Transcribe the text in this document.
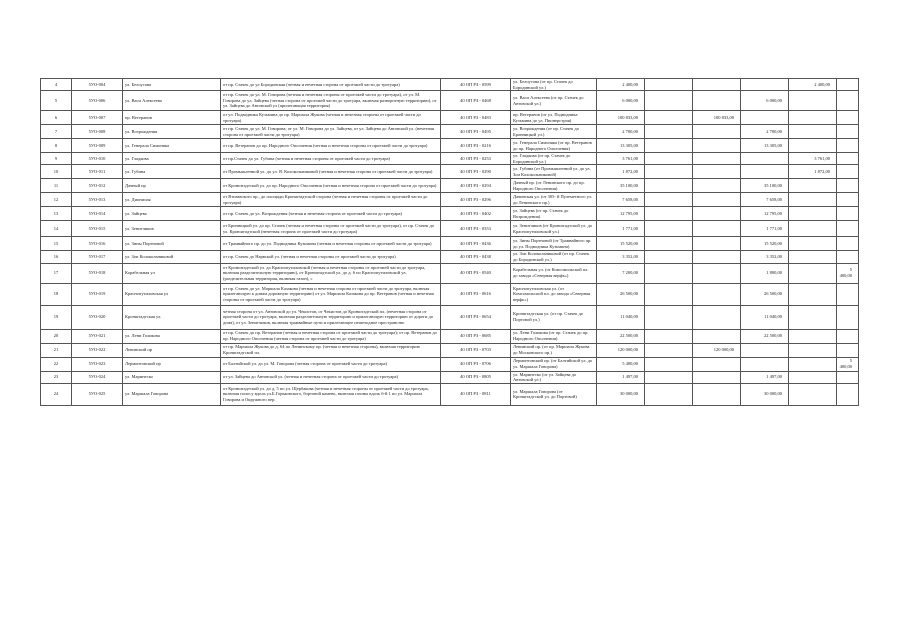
4	5УО-004	ул. Белоусова	от пр. Стачек до ул Бородинская (четная и нечетная сторона от проезжей части до тротуара)	40 ОП РЗ - 0599	ул. Белоусова (от пр. Стачек до Бородинской ул.)	2 400,00				2 400,00	
5	5УО-006	ул. Васи Алексеева	от пр. Стачек до ул. М. Говорова (четная и нечетная стороны от проезжей части до тротуара), от ул. М. Говорова до ул. Зайцева (четная сторона от проезжей части до тротуара, включая разворотную территорию), от ул. Зайцева до Автовской ул (прилегающая территория)	40 ОП РЗ - 0468	ул. Васи Алексеева (от пр. Стачек до Автовской ул.)	6 000,00			6 000,00		
6	5УО-007	пр. Ветеранов	от ул. Подводника Кузьмина до пр. Маршала Жукова (четная и нечетная стороны от проезжей части до тротуара)	40 ОП РЗ - 0483	пр. Ветеранов (от ул. Подводника Кузьмина до ул. Пионерстроя)	100 833,00		100 833,00			
7	5УО-008	ул. Возрождения	от пр. Стачек до ул. М. Говорова; от ул. М. Говорова до ул. Зайцева, от ул. Зайцева до Автовской ул. (нечетная сторона от проезжей части до тротуара)	40 ОП РЗ - 0495	ул. Возрождения (от пр. Стачек до Бронницкой ул.)	2 700,00			2 700,00		
8	5УО-009	ул. Генерала Симоняка	от пр. Ветеранов до пр. Народного Ополчения (четная и нечетная стороны от проезжей части до тротуара)	40 ОП РЗ - 0216	ул. Генерала Симоняка (от пр. Ветеранов до пр. Народного Ополчения)	13 305,00			13 305,00		
9	5УО-010	ул. Гладкова	от пр.Стачек до ул. Губина (четная и нечетная стороны от проезжей части до тротуара)	40 ОП РЗ - 0253	ул. Гладкова (от пр. Стачек до Бородинской ул.)	3 761,00				3 761,00	
10	5УО-011	ул. Губина	от Промышленной ул. до ул. Я. Колокольниковой (четная и нечетная сторона от проезжей части до тротуара)	40 ОП РЗ - 0290	ул. Губина (от Промышленной ул. до ул. Зои Колокольниковой)	1 872,00				1 872,00	
11	5УО-012	Дачный пр	от Кронштадтской ул. до пр. Народного Ополчения (четная и нечетная сторона от проезжей части до тротуара)	40 ОП РЗ - 0294	Дачный пр. (от Ленинского пр. до пр. Народного Ополчения)	35 100,00			35 100,00		
12	5УО-013	ул. Дионисия	от Втизавского пр., до площади Кронштадтской сторона (четная и нечетная стороны от проезжей части до тротуара)	40 ОП РЗ - 0296	Дачинская ул. (от 305- й Пулеметного ул. до Ленинского пр.)	7 658,00			7 658,00		
13	5УО-014	ул. Зайцева	от пр. Стачек до ул. Возрождения (четная и нечетная сторона от проезжей части до тротуара)	40 ОП РЗ - 0402	ул. Зайцева (от пр. Стачек до Возрождения)	12 795,00			12 795,00		
14	5УО-015	ул. Зенитчиков	от Бронницкой ул. до пр. Стачек (четная и нечетная стороны от проезжей части до тротуара), от пр. Стачек до ул. Кронштадтской (нечетная сторона от проезжей части до тротуара)	40 ОП РЗ - 0353	ул. Зенитчиков (от Кронштадтской ул. до Краснопутиловской ул.)	1 771,00			1 771,00		
15	5УО-016	ул. Зины Портновой	от Трамвайного пр. до ул. Подводника Кузьмина (четная и нечетная стороны от проезжей части до тротуара)	40 ОП РЗ - 0436	ул. Зины Портновой (от Трамвайного пр. до ул. Подводника Кузьмина)	15 520,00			15 520,00		
16	5УО-017	ул. Зои Колокольниковой	от пр. Стачек до Нарвской ул. (четная и нечетная стороны от проезжей части до тротуара)	40 ОП РЗ - 0438	ул. Зои Колокольниковой (от пр. Стачек до Бородинской ул.)	3 352,00			3 352,00		
17	5УО-018	Корабельная ул	от Кронштадтской ул. до Краснопутиловской (четная и нечетная стороны от проезжей части до тротуара, включая разделительную территорию), от Кронштадтской ул. до д. 6 по Краснопутиловской ул. (разделительная территория, включая газон), с	40 ОП РЗ - 0540	Корабельная ул. (от Комсомольской пл. до завода «Северная верфь»)	7 200,00			1 800,00		5 400,00
18	5УО-019	Краснопутиловская ул	от пр. Стачек до ул. Маршала Казакова (четная и нечетная сторона от проезжей части до тротуара, включая прилегающую к домам дорожную территорию) от ул. Маршала Казакова до пр. Ветеранов (четная и нечетная стороны от проезжей части до тротуара)	40 ОП РЗ - 0616	Краснопутиловская ул. (от Комсомольской пл. до завода «Северная верфь»)	26 500,00			26 500,00		
19	5УО-020	Кронштадтская ул.	четная сторона от ул. Автовской до ул. Чекистов, от Чекистов до Кронштадтской пл. (нечетная сторона от проезжей части до тротуара, включая разделительную территорию и прилегающую территорию от дороги до дома), от ул. Зенитчиков, включая трамвайные пути и прилегающее пешеходное пространство	40 ОП РЗ - 0654	Кронштадтская ул. (от пр. Стачек до Портовой ул.)	11 040,00			11 040,00		
20	5УО-021	ул. Лени Голикова	от пр. Стачек до пр. Ветеранов (четная и нечетная сторона от проезжей части до тротуара); от пр. Ветеранов до пр. Народного Ополчения (четная сторона от проезжей части до тротуара)	40 ОП РЗ - 0685	ул. Лени Голикова (от пр. Стачек до пр. Народного Ополчения)	22 500,00			22 500,00		
21	5УО-022	Ленинский пр	от пр. Маршала Жукова до д. 64 по Ленинскому пр. (четная и нечетная стороны), включая территорию Кронштадтской пл.	40 ОП РЗ - 0703	Ленинский пр. (от пр. Маршала Жукова до Московского пр.)	120 000,00		120 000,00			
22	5УО-023	Лермонтовский пр	от Балтийской ул. до ул. М. Говорова (четная сторона от проезжей части до тротуара)	40 ОП РЗ - 0706	Лермонтовский пр. (от Балтийской ул. до ул. Маршала Говорова)	5 400,00					5 400,00
23	5УО-024	ул. Маринеско	от ул. Зайцева до Автовской ул. (четная и нечетная сторона от проезжей части до тротуара)	40 ОП РЗ - 0805	ул. Маринеско (от ул. Зайцева до Автовской ул.)	1 497,00			1 497,00		
24	5УО-025	ул. Маршала Говорова	от Кронштадтской ул. до д. 5 по ул. Щербакова (четная и нечетная стороны от проезжей части до тротуара, включая полосу вдоль ул.Б.Горьковского, бортовой камень, включая газоны вдоль б-й 1 по ул. Маршала Говорова и Окружного пер.	40 ОП РЗ - 0811	ул. Маршала Говорова (от Кронштадтской ул. до Портовой)	30 000,00			30 000,00		
